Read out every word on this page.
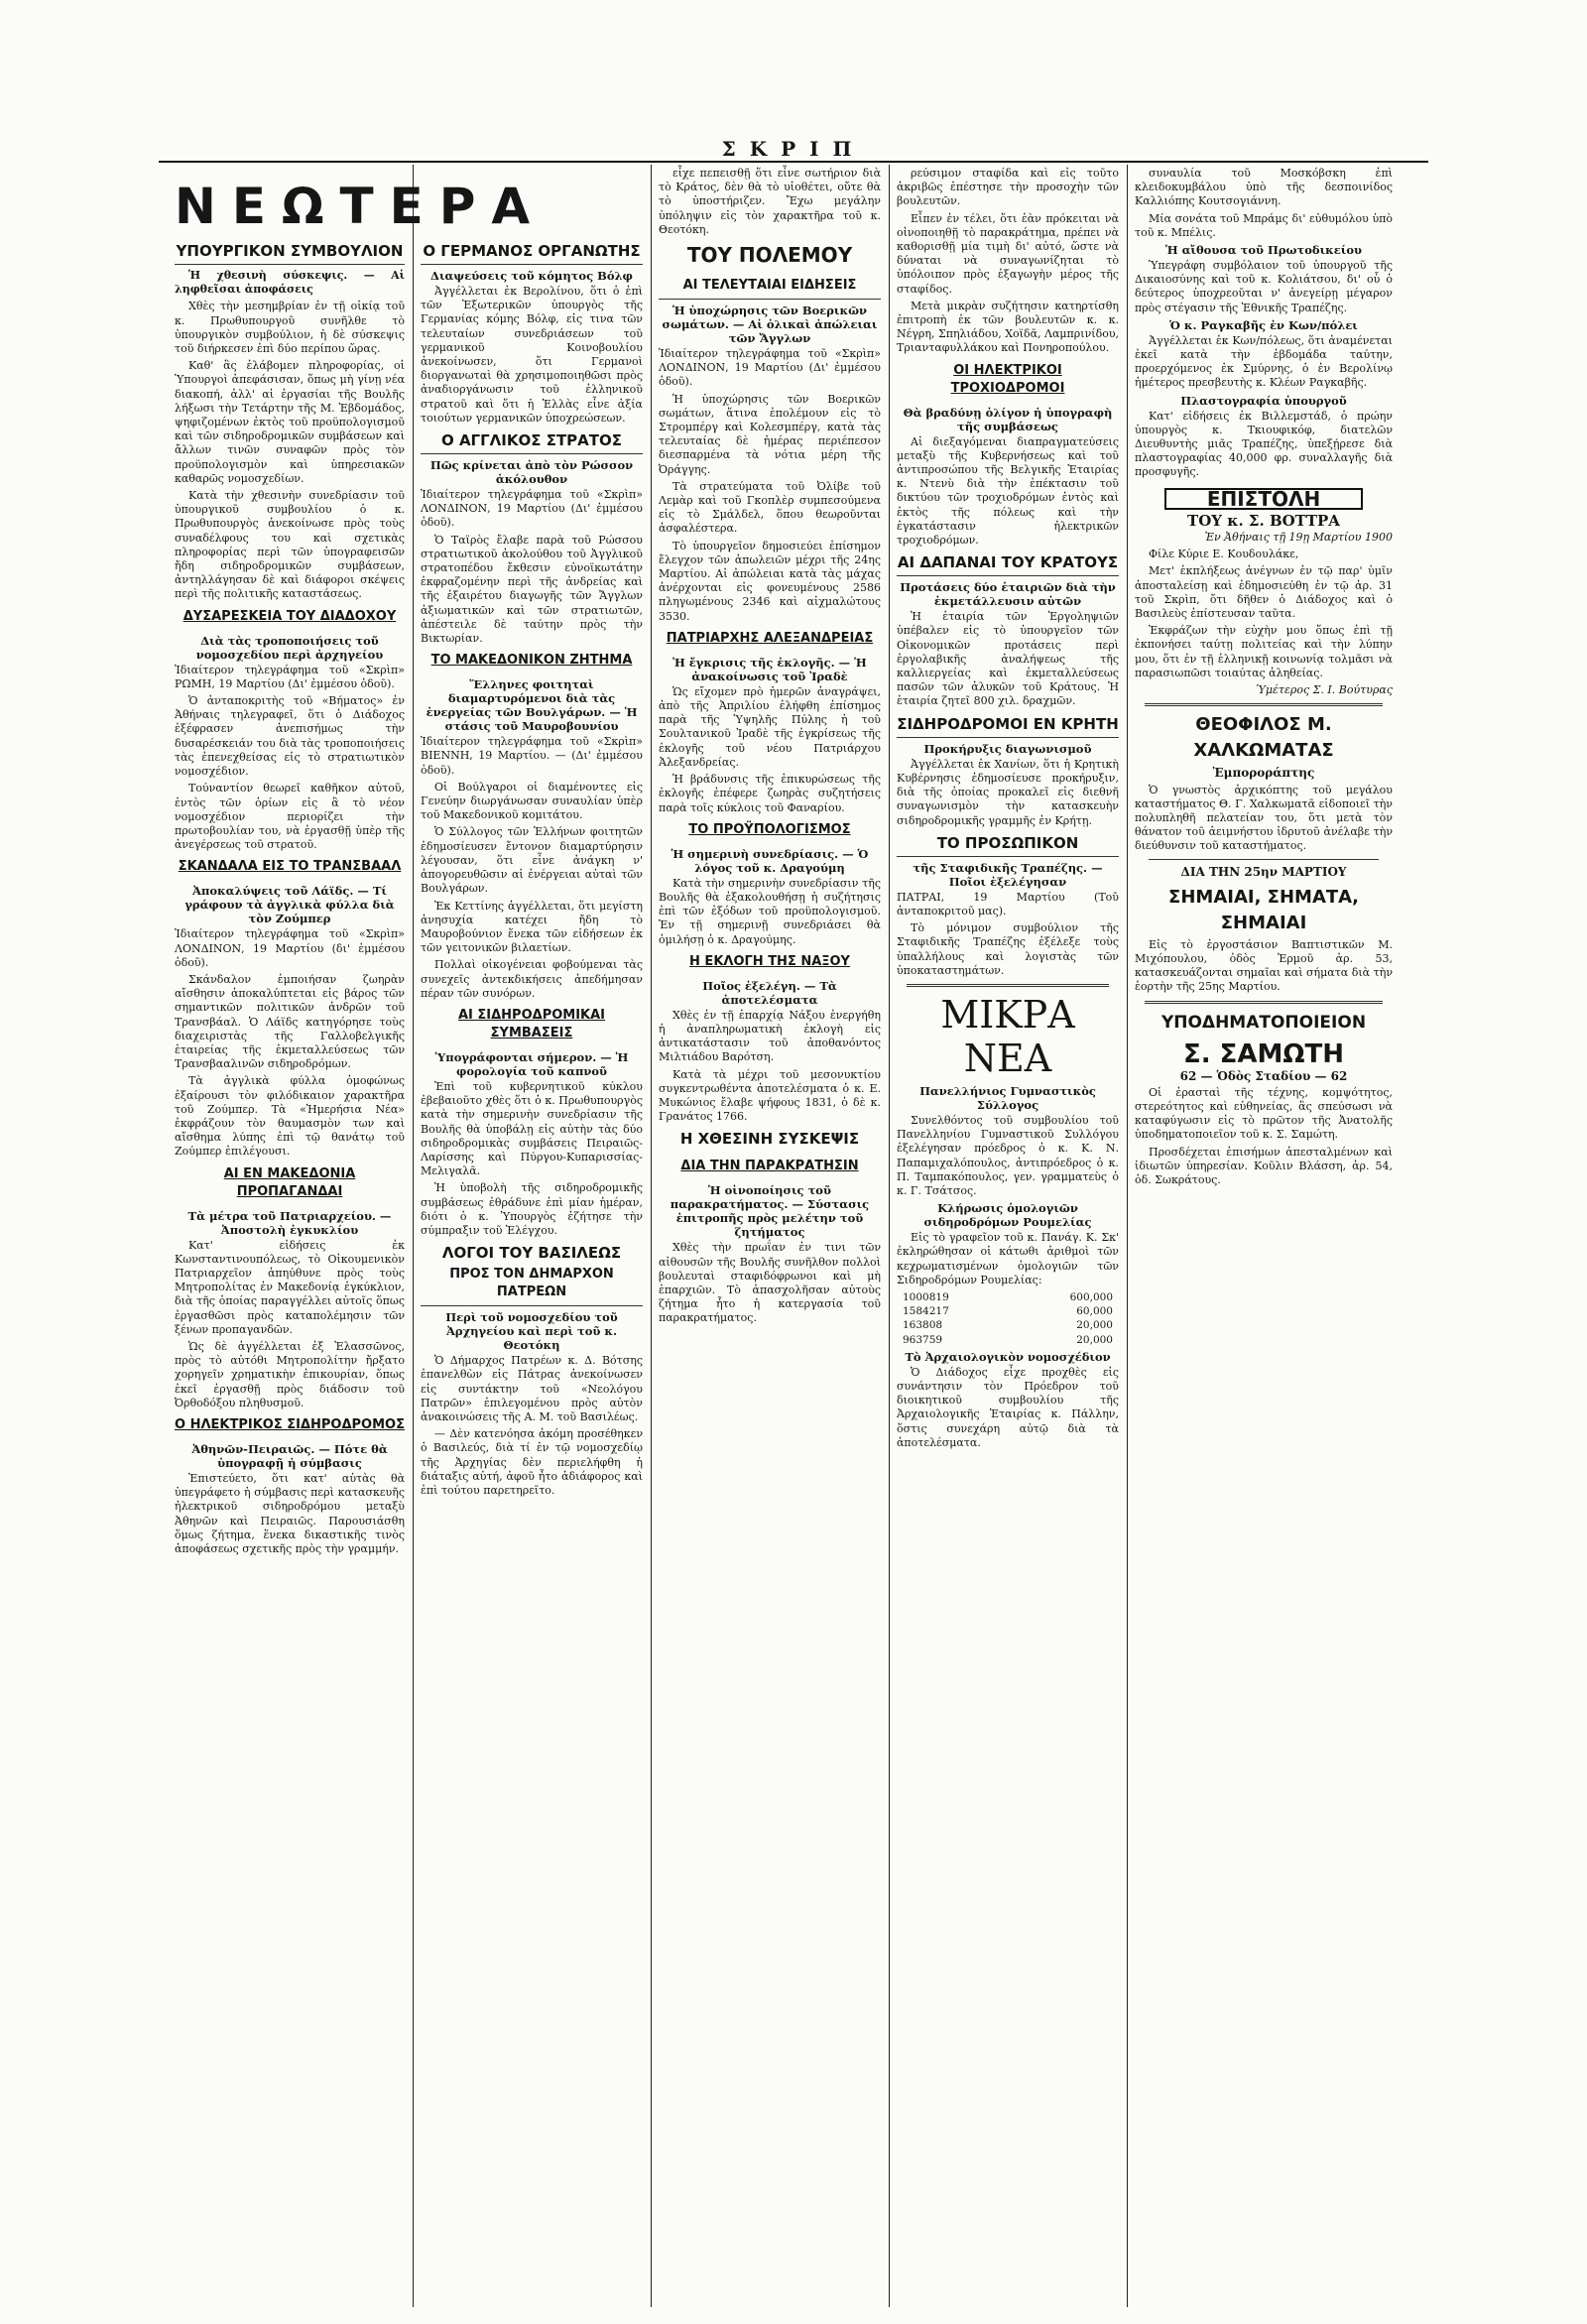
ΣΚΡΙΠ
ΝΕΩΤΕΡΑ
ΥΠΟΥΡΓΙΚΟΝ ΣΥΜΒΟΥΛΙΟΝ

Ἡ χθεσινὴ σύσκεψις. — Αἱ ληφθεῖσαι ἀποφάσεις

Χθὲς τὴν μεσημβρίαν ἐν τῇ οἰκίᾳ τοῦ κ. Πρωθυπουργοῦ συνῆλθε τὸ ὑπουργικὸν συμβούλιον, ἡ δὲ σύσκεψις τοῦ διήρκεσεν ἐπὶ δύο περίπου ὥρας.

Καθ' ἃς ἐλάβομεν πληροφορίας, οἱ Ὑπουργοὶ ἀπεφάσισαν, ὅπως μὴ γίνῃ νέα διακοπή, ἀλλ' αἱ ἐργασίαι τῆς Βουλῆς λήξωσι τὴν Τετάρτην τῆς Μ. Ἑβδομάδος, ψηφιζομένων ἐκτὸς τοῦ προϋπολογισμοῦ καὶ τῶν σιδηροδρομικῶν συμβάσεων καὶ ἄλλων τινῶν συναφῶν πρὸς τὸν προϋπολογισμὸν καὶ ὑπηρεσιακῶν καθαρῶς νομοσχεδίων.

Κατὰ τὴν χθεσινὴν συνεδρίασιν τοῦ ὑπουργικοῦ συμβουλίου ὁ κ. Πρωθυπουργὸς ἀνεκοίνωσε πρὸς τοὺς συναδέλφους του καὶ σχετικὰς πληροφορίας περὶ τῶν ὑπογραφεισῶν ἤδη σιδηροδρομικῶν συμβάσεων, ἀντηλλάγησαν δὲ καὶ διάφοροι σκέψεις περὶ τῆς πολιτικῆς καταστάσεως.

ΔΥΣΑΡΕΣΚΕΙΑ ΤΟΥ ΔΙΑΔΟΧΟΥ
Διὰ τὰς τροποποιήσεις τοῦ νομοσχεδίου περὶ ἀρχηγείου

Ἰδιαίτερον τηλεγράφημα τοῦ «Σκρὶπ» ΡΩΜΗ, 19 Μαρτίου (Δι' ἐμμέσου ὁδοῦ).

Ὁ ἀνταποκριτὴς τοῦ «Βήματος» ἐν Ἀθήναις τηλεγραφεῖ, ὅτι ὁ Διάδοχος ἐξέφρασεν ἀνεπισήμως τὴν δυσαρέσκειάν του διὰ τὰς τροποποιήσεις τὰς ἐπενεχθείσας εἰς τὸ στρατιωτικὸν νομοσχέδιον.

Τούναντίον θεωρεῖ καθῆκον αὐτοῦ, ἐντὸς τῶν ὁρίων εἰς ἃ τὸ νέον νομοσχέδιον περιορίζει τὴν πρωτοβουλίαν του, νὰ ἐργασθῇ ὑπὲρ τῆς ἀνεγέρσεως τοῦ στρατοῦ.

ΣΚΑΝΔΑΛΑ ΕΙΣ ΤΟ ΤΡΑΝΣΒΑΑΛ
Ἀποκαλύψεις τοῦ Λάϊδς. — Τί γράφουν τὰ ἀγγλικὰ φύλλα διὰ τὸν Ζούμπερ

Ἰδιαίτερον τηλεγράφημα τοῦ «Σκρὶπ» ΛΟΝΔΙΝΟΝ, 19 Μαρτίου (δι' ἐμμέσου ὁδοῦ).

Σκάνδαλον ἐμποιήσαν ζωηρὰν αἴσθησιν ἀποκαλύπτεται εἰς βάρος τῶν σημαντικῶν πολιτικῶν ἀνδρῶν τοῦ Τρανσβάαλ. Ὁ Λάϊδς κατηγόρησε τοὺς διαχειριστὰς τῆς Γαλλοβελγικῆς ἑταιρείας τῆς ἐκμεταλλεύσεως τῶν Τρανσβααλινῶν σιδηροδρόμων.

Τὰ ἀγγλικὰ φύλλα ὁμοφώνως ἐξαίρουσι τὸν φιλόδικαιον χαρακτῆρα τοῦ Ζούμπερ. Τὰ «Ἡμερήσια Νέα» ἐκφράζουν τὸν θαυμασμὸν των καὶ αἴσθημα λύπης ἐπὶ τῷ θανάτῳ τοῦ Ζούμπερ ἐπιλέγουσι.

ΑΙ ΕΝ ΜΑΚΕΔΟΝΙΑ ΠΡΟΠΑΓΑΝΔΑΙ
Τὰ μέτρα τοῦ Πατριαρχείου. — Ἀποστολὴ ἐγκυκλίου

Κατ' εἰδήσεις ἐκ Κωνσταντινουπόλεως, τὸ Οἰκουμενικὸν Πατριαρχεῖον ἀπηύθυνε πρὸς τοὺς Μητροπολίτας ἐν Μακεδονίᾳ ἐγκύκλιον, διὰ τῆς ὁποίας παραγγέλλει αὐτοῖς ὅπως ἐργασθῶσι πρὸς καταπολέμησιν τῶν ξένων προπαγανδῶν.

Ὡς δὲ ἀγγέλλεται ἐξ Ἐλασσῶνος, πρὸς τὸ αὐτόθι Μητροπολίτην ἤρξατο χορηγεῖν χρηματικὴν ἐπικουρίαν, ὅπως ἐκεῖ ἐργασθῇ πρὸς διάδοσιν τοῦ Ὀρθοδόξου πληθυσμοῦ.

Ο ΗΛΕΚΤΡΙΚΟΣ ΣΙΔΗΡΟΔΡΟΜΟΣ
Ἀθηνῶν-Πειραιῶς. — Πότε θὰ ὑπογραφῇ ἡ σύμβασις

Ἐπιστεύετο, ὅτι κατ' αὐτὰς θὰ ὑπεγράφετο ἡ σύμβασις περὶ κατασκευῆς ἠλεκτρικοῦ σιδηροδρόμου μεταξὺ Ἀθηνῶν καὶ Πειραιῶς. Παρουσιάσθη ὅμως ζήτημα, ἕνεκα δικαστικῆς τινὸς ἀποφάσεως σχετικῆς πρὸς τὴν γραμμήν.

Ο ΓΕΡΜΑΝΟΣ ΟΡΓΑΝΩΤΗΣ
Διαψεύσεις τοῦ κόμητος Βόλφ

Ἀγγέλλεται ἐκ Βερολίνου, ὅτι ὁ ἐπὶ τῶν Ἐξωτερικῶν ὑπουργὸς τῆς Γερμανίας κόμης Βόλφ, εἰς τινα τῶν τελευταίων συνεδριάσεων τοῦ γερμανικοῦ Κοινοβουλίου ἀνεκοίνωσεν, ὅτι Γερμανοὶ διοργανωταὶ θὰ χρησιμοποιηθῶσι πρὸς ἀναδιοργάνωσιν τοῦ ἑλληνικοῦ στρατοῦ καὶ ὅτι ἡ Ἑλλὰς εἶνε ἀξία τοιούτων γερμανικῶν ὑποχρεώσεων.

Ο ΑΓΓΛΙΚΟΣ ΣΤΡΑΤΟΣ
Πῶς κρίνεται ἀπὸ τὸν Ρώσσον ἀκόλουθον

Ἰδιαίτερον τηλεγράφημα τοῦ «Σκρὶπ» ΛΟΝΔΙΝΟΝ, 19 Μαρτίου (Δι' ἐμμέσου ὁδοῦ).

Ὁ Ταϊρὸς ἔλαβε παρὰ τοῦ Ρώσσου στρατιωτικοῦ ἀκολούθου τοῦ Ἀγγλικοῦ στρατοπέδου ἔκθεσιν εὐνοϊκωτάτην ἐκφραζομένην περὶ τῆς ἀνδρείας καὶ τῆς ἐξαιρέτου διαγωγῆς τῶν Ἄγγλων ἀξιωματικῶν καὶ τῶν στρατιωτῶν, ἀπέστειλε δὲ ταύτην πρὸς τὴν Βικτωρίαν.

ΤΟ ΜΑΚΕΔΟΝΙΚΟΝ ΖΗΤΗΜΑ
Ἕλληνες φοιτηταὶ διαμαρτυρόμενοι διὰ τὰς ἐνεργείας τῶν Βουλγάρων. — Ἡ στάσις τοῦ Μαυροβουνίου

Ἰδιαίτερον τηλεγράφημα τοῦ «Σκρὶπ» ΒΙΕΝΝΗ, 19 Μαρτίου. — (Δι' ἐμμέσου ὁδοῦ).

Οἱ Βούλγαροι οἱ διαμένοντες εἰς Γενεύην διωργάνωσαν συναυλίαν ὑπὲρ τοῦ Μακεδονικοῦ κομιτάτου.

Ὁ Σύλλογος τῶν Ἑλλήνων φοιτητῶν ἐδημοσίευσεν ἔντονον διαμαρτύρησιν λέγουσαν, ὅτι εἶνε ἀνάγκη ν' ἀπογορευθῶσιν αἱ ἐνέργειαι αὐταὶ τῶν Βουλγάρων.

Ἐκ Κεττίνης ἀγγέλλεται, ὅτι μεγίστη ἀνησυχία κατέχει ἤδη τὸ Μαυροβούνιον ἕνεκα τῶν εἰδήσεων ἐκ τῶν γειτονικῶν βιλαετίων.

Πολλαὶ οἰκογένειαι φοβούμεναι τὰς συνεχεῖς ἀντεκδικήσεις ἀπεδήμησαν πέραν τῶν συνόρων.

ΑΙ ΣΙΔΗΡΟΔΡΟΜΙΚΑΙ ΣΥΜΒΑΣΕΙΣ
Ὑπογράφονται σήμερον. — Ἡ φορολογία τοῦ καπνοῦ

Ἐπὶ τοῦ κυβερνητικοῦ κύκλου ἐβεβαιοῦτο χθὲς ὅτι ὁ κ. Πρωθυπουργὸς κατὰ τὴν σημερινὴν συνεδρίασιν τῆς Βουλῆς θὰ ὑποβάλῃ εἰς αὐτὴν τὰς δύο σιδηροδρομικὰς συμβάσεις Πειραιῶς-Λαρίσσης καὶ Πύργου-Κυπαρισσίας-Μελιγαλᾶ.

Ἡ ὑποβολὴ τῆς σιδηροδρομικῆς συμβάσεως ἐθράδυνε ἐπὶ μίαν ἡμέραν, διότι ὁ κ. Ὑπουργὸς ἐζήτησε τὴν σύμπραξιν τοῦ Ἐλέγχου.

ΛΟΓΟΙ ΤΟΥ ΒΑΣΙΛΕΩΣ
ΠΡΟΣ ΤΟΝ ΔΗΜΑΡΧΟΝ ΠΑΤΡΕΩΝ
Περὶ τοῦ νομοσχεδίου τοῦ Ἀρχηγείου καὶ περὶ τοῦ κ. Θεοτόκη

Ὁ Δήμαρχος Πατρέων κ. Δ. Βότσης ἐπανελθὼν εἰς Πάτρας ἀνεκοίνωσεν εἰς συντάκτην τοῦ «Νεολόγου Πατρῶν» ἐπιλεγομένου πρὸς αὐτὸν ἀνακοινώσεις τῆς Α. Μ. τοῦ Βασιλέως.

— Δὲν κατενόησα ἀκόμη προσέθηκεν ὁ Βασιλεύς, διὰ τί ἐν τῷ νομοσχεδίῳ τῆς Ἀρχηγίας δὲν περιελήφθη ἡ διάταξις αὐτή, ἀφοῦ ἦτο ἀδιάφορος καὶ ἐπὶ τούτου παρετηρεῖτο.

εἶχε πεπεισθῇ ὅτι εἶνε σωτήριον διὰ τὸ Κράτος, δὲν θὰ τὸ υἱοθέτει, οὔτε θὰ τὸ ὑποστήριζεν. Ἔχω μεγάλην ὑπόληψιν εἰς τὸν χαρακτῆρα τοῦ κ. Θεοτόκη.

ΤΟΥ ΠΟΛΕΜΟΥ
ΑΙ ΤΕΛΕΥΤΑΙΑΙ ΕΙΔΗΣΕΙΣ
Ἡ ὑποχώρησις τῶν Βοερικῶν σωμάτων. — Αἱ ὀλικαὶ ἀπώλειαι τῶν Ἄγγλων

Ἰδιαίτερον τηλεγράφημα τοῦ «Σκρὶπ» ΛΟΝΔΙΝΟΝ, 19 Μαρτίου (Δι' ἐμμέσου ὁδοῦ).

Ἡ ὑποχώρησις τῶν Βοερικῶν σωμάτων, ἅτινα ἐπολέμουν εἰς τὸ Στρομπέργ καὶ Κολεσμπέργ, κατὰ τὰς τελευταίας δὲ ἡμέρας περιέπεσον διεσπαρμένα τὰ νότια μέρη τῆς Ὀράγγης.

Τὰ στρατεύματα τοῦ Ὀλίβε τοῦ Λεμὰρ καὶ τοῦ Γκοπλὲρ συμπεσούμενα εἰς τὸ Σμάλδελ, ὅπου θεωροῦνται ἀσφαλέστερα.

Τὸ ὑπουργεῖον δημοσιεύει ἐπίσημον ἔλεγχον τῶν ἀπωλειῶν μέχρι τῆς 24ης Μαρτίου. Αἱ ἀπώλειαι κατὰ τὰς μάχας ἀνέρχονται εἰς φονευμένους 2586 πληγωμένους 2346 καὶ αἰχμαλώτους 3530.

ΠΑΤΡΙΑΡΧΗΣ ΑΛΕΞΑΝΔΡΕΙΑΣ
Ἡ ἔγκρισις τῆς ἐκλογῆς. — Ἡ ἀνακοίνωσις τοῦ Ἰραδὲ

Ὡς εἴχομεν πρὸ ἡμερῶν ἀναγράψει, ἀπὸ τῆς Ἀπριλίου ἐλήφθη ἐπίσημος παρὰ τῆς Ὑψηλῆς Πύλης ἡ τοῦ Σουλτανικοῦ Ἰραδὲ τῆς ἐγκρίσεως τῆς ἐκλογῆς τοῦ νέου Πατριάρχου Ἀλεξανδρείας.

Ἡ βράδυνσις τῆς ἐπικυρώσεως τῆς ἐκλογῆς ἐπέφερε ζωηρὰς συζητήσεις παρὰ τοῖς κύκλοις τοῦ Φαναρίου.

ΤΟ ΠΡΟΫΠΟΛΟΓΙΣΜΟΣ
Ἡ σημερινὴ συνεδρίασις. — Ὁ λόγος τοῦ κ. Δραγούμη

Κατὰ τὴν σημερινὴν συνεδρίασιν τῆς Βουλῆς θὰ ἐξακολουθήσῃ ἡ συζήτησις ἐπὶ τῶν ἐξόδων τοῦ προϋπολογισμοῦ. Ἐν τῇ σημερινῇ συνεδριάσει θὰ ὁμιλήσῃ ὁ κ. Δραγούμης.

Η ΕΚΛΟΓΗ ΤΗΣ ΝΑΞΟΥ
Ποῖος ἐξελέγη. — Τὰ ἀποτελέσματα

Χθὲς ἐν τῇ ἐπαρχίᾳ Νάξου ἐνεργήθη ἡ ἀναπληρωματικὴ ἐκλογὴ εἰς ἀντικατάστασιν τοῦ ἀποθανόντος Μιλτιάδου Βαρότση.

Κατὰ τὰ μέχρι τοῦ μεσονυκτίου συγκεντρωθέντα ἀποτελέσματα ὁ κ. Ε. Μυκώνιος ἔλαβε ψήφους 1831, ὁ δὲ κ. Γρανάτος 1766.

Η ΧΘΕΣΙΝΗ ΣΥΣΚΕΨΙΣ
ΔΙΑ ΤΗΝ ΠΑΡΑΚΡΑΤΗΣΙΝ
Ἡ οἰνοποίησις τοῦ παρακρατήματος. — Σύστασις ἐπιτροπῆς πρὸς μελέτην τοῦ ζητήματος

Χθὲς τὴν πρωΐαν ἐν τινι τῶν αἰθουσῶν τῆς Βουλῆς συνῆλθον πολλοὶ βουλευταὶ σταφιδόφρωνοι καὶ μὴ ἐπαρχιῶν. Τὸ ἀπασχολῆσαν αὐτοὺς ζήτημα ἦτο ἡ κατεργασία τοῦ παρακρατήματος.

ρεύσιμον σταφίδα καὶ εἰς τοῦτο ἀκριβῶς ἐπέστησε τὴν προσοχὴν τῶν βουλευτῶν.

Εἶπεν ἐν τέλει, ὅτι ἐὰν πρόκειται νὰ οἰνοποιηθῇ τὸ παρακράτημα, πρέπει νὰ καθορισθῇ μία τιμὴ δι' αὐτό, ὥστε νὰ δύναται νὰ συναγωνίζηται τὸ ὑπόλοιπον πρὸς ἐξαγωγὴν μέρος τῆς σταφίδος.

Μετὰ μικρὰν συζήτησιν κατηρτίσθη ἐπιτροπὴ ἐκ τῶν βουλευτῶν κ. κ. Νέγρη, Σπηλιάδου, Χοϊδᾶ, Λαμπρινίδου, Τριανταφυλλάκου καὶ Πονηροπούλου.

ΟΙ ΗΛΕΚΤΡΙΚΟΙ ΤΡΟΧΙΟΔΡΟΜΟΙ
Θὰ βραδύνῃ ὀλίγον ἡ ὑπογραφὴ τῆς συμβάσεως

Αἱ διεξαγόμεναι διαπραγματεύσεις μεταξὺ τῆς Κυβερνήσεως καὶ τοῦ ἀντιπροσώπου τῆς Βελγικῆς Ἑταιρίας κ. Ντενὺ διὰ τὴν ἐπέκτασιν τοῦ δικτύου τῶν τροχιοδρόμων ἐντὸς καὶ ἐκτὸς τῆς πόλεως καὶ τὴν ἐγκατάστασιν ἠλεκτρικῶν τροχιοδρόμων.

ΑΙ ΔΑΠΑΝΑΙ ΤΟΥ ΚΡΑΤΟΥΣ
Προτάσεις δύο ἑταιριῶν διὰ τὴν ἐκμετάλλευσιν αὐτῶν

Ἡ ἑταιρία τῶν Ἐργοληψιῶν ὑπέβαλεν εἰς τὸ ὑπουργεῖον τῶν Οἰκονομικῶν προτάσεις περὶ ἐργολαβικῆς ἀναλήψεως τῆς καλλιεργείας καὶ ἐκμεταλλεύσεως πασῶν τῶν ἀλυκῶν τοῦ Κράτους. Ἡ ἑταιρία ζητεῖ 800 χιλ. δραχμῶν.

ΣΙΔΗΡΟΔΡΟΜΟΙ ΕΝ ΚΡΗΤΗ
Προκήρυξις διαγωνισμοῦ

Ἀγγέλλεται ἐκ Χανίων, ὅτι ἡ Κρητικὴ Κυβέρνησις ἐδημοσίευσε προκήρυξιν, διὰ τῆς ὁποίας προκαλεῖ εἰς διεθνῆ συναγωνισμὸν τὴν κατασκευὴν σιδηροδρομικῆς γραμμῆς ἐν Κρήτῃ.

ΤΟ ΠΡΟΣΩΠΙΚΟΝ
τῆς Σταφιδικῆς Τραπέζης. — Ποῖοι ἐξελέγησαν

ΠΑΤΡΑΙ, 19 Μαρτίου (Τοῦ ἀνταποκριτοῦ μας).

Τὸ μόνιμον συμβούλιον τῆς Σταφιδικῆς Τραπέζης ἐξέλεξε τοὺς ὑπαλλήλους καὶ λογιστὰς τῶν ὑποκαταστημάτων.

ΜΙΚΡΑ ΝΕΑ
Πανελλήνιος Γυμναστικὸς Σύλλογος

Συνελθόντος τοῦ συμβουλίου τοῦ Πανελληνίου Γυμναστικοῦ Συλλόγου ἐξελέγησαν πρόεδρος ὁ κ. Κ. Ν. Παπαμιχαλόπουλος, ἀντιπρόεδρος ὁ κ. Π. Ταμπακόπουλος, γεν. γραμματεὺς ὁ κ. Γ. Τσάτσος.

Κλήρωσις ὁμολογιῶν σιδηροδρόμων Ρουμελίας

Εἰς τὸ γραφεῖον τοῦ κ. Πανάγ. Κ. Σκ' ἐκληρώθησαν οἱ κάτωθι ἀριθμοὶ τῶν κεχρωματισμένων ὁμολογιῶν τῶν Σιδηροδρόμων Ρουμελίας:

1000819	600,000
1584217	60,000
163808	20,000
963759	20,000
Τὸ Ἀρχαιολογικὸν νομοσχέδιον

Ὁ Διάδοχος εἶχε προχθὲς εἰς συνάντησιν τὸν Πρόεδρον τοῦ διοικητικοῦ συμβουλίου τῆς Ἀρχαιολογικῆς Ἑταιρίας κ. Πάλλην, ὅστις συνεχάρη αὐτῷ διὰ τὰ ἀποτελέσματα.

συναυλία τοῦ Μοσκόβσκη ἐπὶ κλειδοκυμβάλου ὑπὸ τῆς δεσποινίδος Καλλιόπης Κουτσογιάννη.

Μία σονάτα τοῦ Μπράμς δι' εὐθυμόλου ὑπὸ τοῦ κ. Μπέλις.

Ἡ αἴθουσα τοῦ Πρωτοδικείου

Ὑπεγράφη συμβόλαιον τοῦ ὑπουργοῦ τῆς Δικαιοσύνης καὶ τοῦ κ. Κολιάτσου, δι' οὗ ὁ δεύτερος ὑποχρεοῦται ν' ἀνεγείρῃ μέγαρον πρὸς στέγασιν τῆς Ἐθνικῆς Τραπέζης.

Ὁ κ. Ραγκαβῆς ἐν Κων/πόλει

Ἀγγέλλεται ἐκ Κων/πόλεως, ὅτι ἀναμένεται ἐκεῖ κατὰ τὴν ἑβδομάδα ταύτην, προερχόμενος ἐκ Σμύρνης, ὁ ἐν Βερολίνῳ ἡμέτερος πρεσβευτὴς κ. Κλέων Ραγκαβῆς.

Πλαστογραφία ὑπουργοῦ

Κατ' εἰδήσεις ἐκ Βιλλεμστάδ, ὁ πρώην ὑπουργὸς κ. Τκιουφικόφ, διατελῶν Διευθυντὴς μιᾶς Τραπέζης, ὑπεξῄρεσε διὰ πλαστογραφίας 40,000 φρ. συναλλαγῆς διὰ προσφυγῆς.

ΕΠΙΣΤΟΛΗ
ΤΟΥ κ. Σ. ΒΟΤΤΡΑ

Ἐν Ἀθήναις τῇ 19ῃ Μαρτίου 1900

Φίλε Κύριε Ε. Κουδουλάκε,

Μετ' ἐκπλήξεως ἀνέγνων ἐν τῷ παρ' ὑμῖν ἀποσταλείσῃ καὶ ἐδημοσιεύθη ἐν τῷ ἀρ. 31 τοῦ Σκρὶπ, ὅτι δῆθεν ὁ Διάδοχος καὶ ὁ Βασιλεὺς ἐπίστευσαν ταῦτα.

Ἐκφράζων τὴν εὐχὴν μου ὅπως ἐπὶ τῇ ἐκπονήσει ταύτῃ πολιτείας καὶ τὴν λύπην μου, ὅτι ἐν τῇ ἑλληνικῇ κοινωνίᾳ τολμᾶσι νὰ παρασιωπῶσι τοιαύτας ἀληθείας.

Ὑμέτερος Σ. Ι. Βούτυρας

ΘΕΟΦΙΛΟΣ Μ. ΧΑΛΚΩΜΑΤΑΣ
Ἐμποροράπτης

Ὁ γνωστὸς ἀρχικόπτης τοῦ μεγάλου καταστήματος Θ. Γ. Χαλκωματᾶ εἰδοποιεῖ τὴν πολυπληθῆ πελατείαν του, ὅτι μετὰ τὸν θάνατον τοῦ ἀειμνήστου ἰδρυτοῦ ἀνέλαβε τὴν διεύθυνσιν τοῦ καταστήματος.

ΔΙΑ ΤΗΝ 25ην ΜΑΡΤΙΟΥ
ΣΗΜΑΙΑΙ, ΣΗΜΑΤΑ, ΣΗΜΑΙΑΙ

Εἰς τὸ ἐργοστάσιον Βαπτιστικῶν Μ. Μιχόπουλου, ὁδὸς Ἑρμοῦ ἀρ. 53, κατασκευάζονται σημαῖαι καὶ σήματα διὰ τὴν ἑορτὴν τῆς 25ης Μαρτίου.

ΥΠΟΔΗΜΑΤΟΠΟΙΕΙΟΝ
Σ. ΣΑΜΩΤΗ
62 — Ὁδὸς Σταδίου — 62

Οἱ ἐρασταὶ τῆς τέχνης, κομψότητος, στερεότητος καὶ εὐθηνείας, ἃς σπεύσωσι νὰ καταφύγωσιν εἰς τὸ πρῶτον τῆς Ἀνατολῆς ὑποδηματοποιεῖον τοῦ κ. Σ. Σαμώτη.

Προσδέχεται ἐπισήμων ἀπεσταλμένων καὶ ἰδιωτῶν ὑπηρεσίαν. Κοῦλιν Βλάσση, ἀρ. 54, ὁδ. Σωκράτους.
